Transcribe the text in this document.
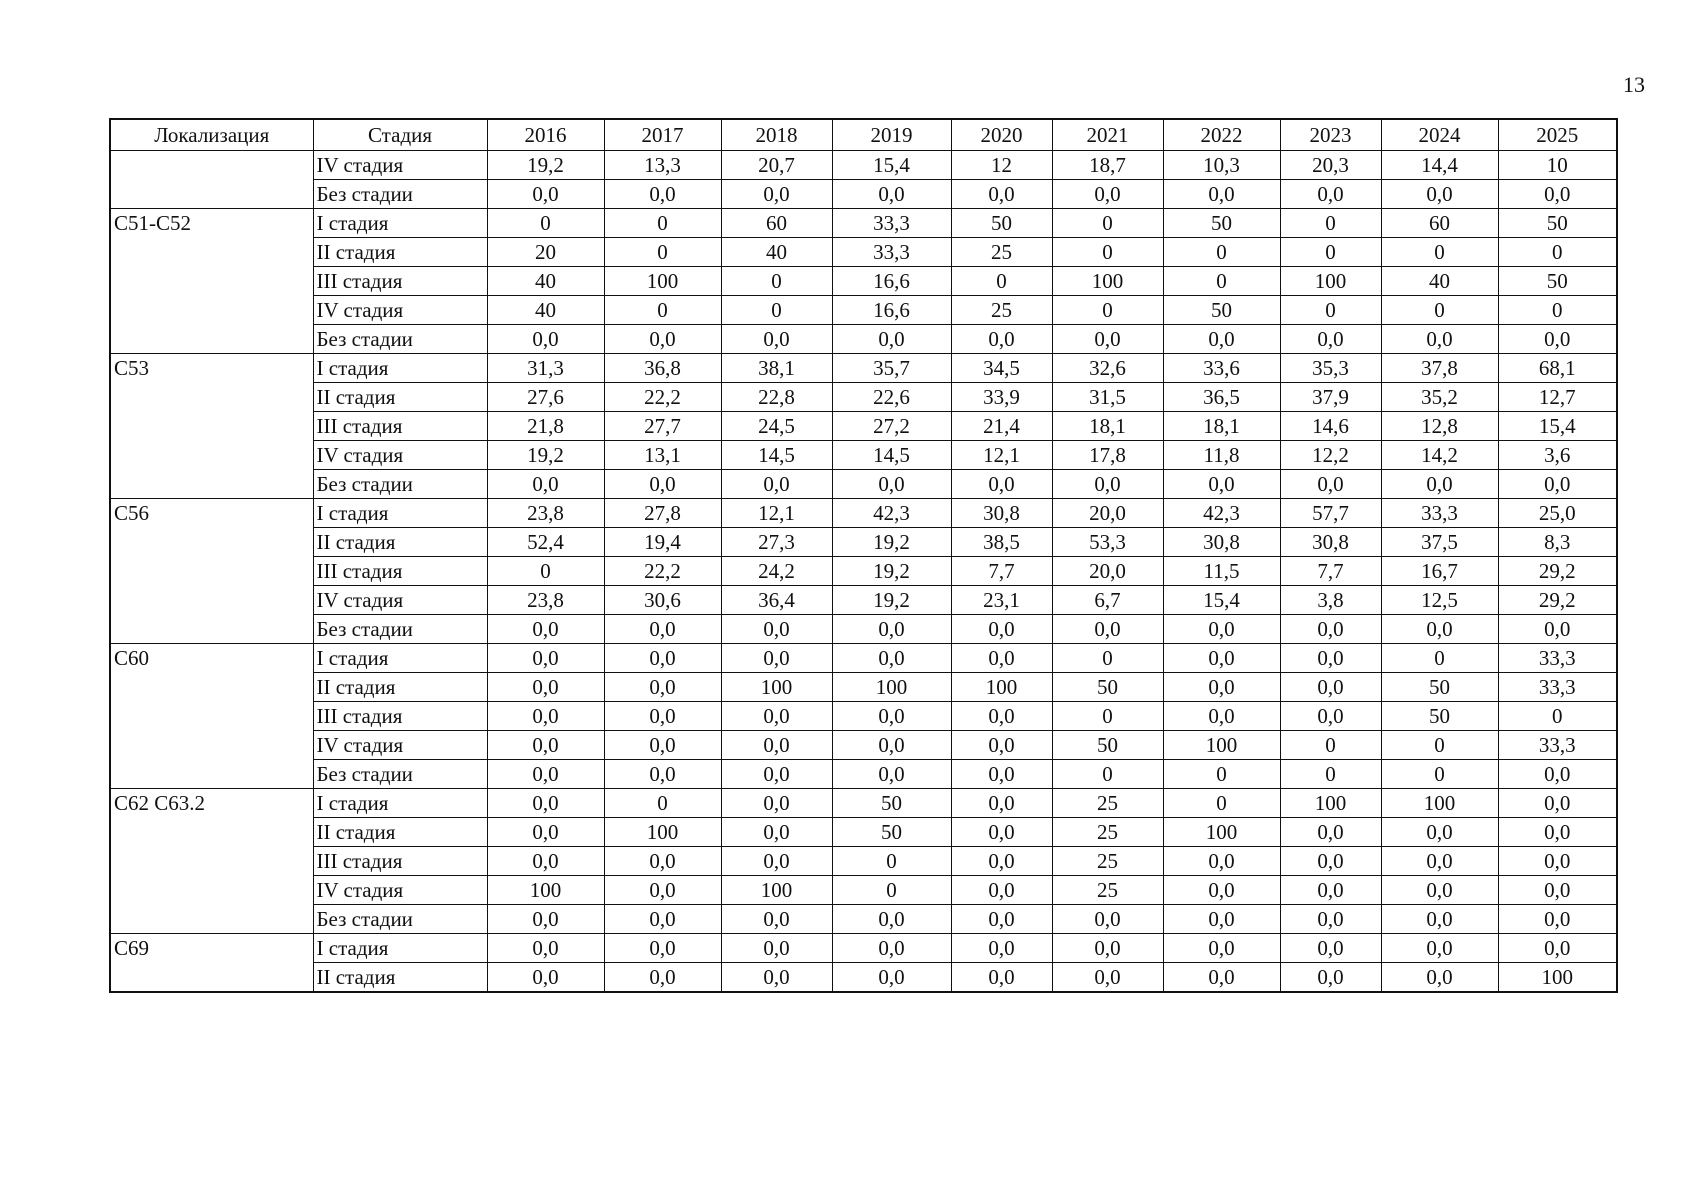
13
Локализация	Стадия	2016	2017	2018	2019	2020	2021	2022	2023	2024	2025
	IV стадия	19,2	13,3	20,7	15,4	12	18,7	10,3	20,3	14,4	10
	Без стадии	0,0	0,0	0,0	0,0	0,0	0,0	0,0	0,0	0,0	0,0
C51-C52	I стадия	0	0	60	33,3	50	0	50	0	60	50
	II стадия	20	0	40	33,3	25	0	0	0	0	0
	III стадия	40	100	0	16,6	0	100	0	100	40	50
	IV стадия	40	0	0	16,6	25	0	50	0	0	0
	Без стадии	0,0	0,0	0,0	0,0	0,0	0,0	0,0	0,0	0,0	0,0
C53	I стадия	31,3	36,8	38,1	35,7	34,5	32,6	33,6	35,3	37,8	68,1
	II стадия	27,6	22,2	22,8	22,6	33,9	31,5	36,5	37,9	35,2	12,7
	III стадия	21,8	27,7	24,5	27,2	21,4	18,1	18,1	14,6	12,8	15,4
	IV стадия	19,2	13,1	14,5	14,5	12,1	17,8	11,8	12,2	14,2	3,6
	Без стадии	0,0	0,0	0,0	0,0	0,0	0,0	0,0	0,0	0,0	0,0
C56	I стадия	23,8	27,8	12,1	42,3	30,8	20,0	42,3	57,7	33,3	25,0
	II стадия	52,4	19,4	27,3	19,2	38,5	53,3	30,8	30,8	37,5	8,3
	III стадия	0	22,2	24,2	19,2	7,7	20,0	11,5	7,7	16,7	29,2
	IV стадия	23,8	30,6	36,4	19,2	23,1	6,7	15,4	3,8	12,5	29,2
	Без стадии	0,0	0,0	0,0	0,0	0,0	0,0	0,0	0,0	0,0	0,0
C60	I стадия	0,0	0,0	0,0	0,0	0,0	0	0,0	0,0	0	33,3
	II стадия	0,0	0,0	100	100	100	50	0,0	0,0	50	33,3
	III стадия	0,0	0,0	0,0	0,0	0,0	0	0,0	0,0	50	0
	IV стадия	0,0	0,0	0,0	0,0	0,0	50	100	0	0	33,3
	Без стадии	0,0	0,0	0,0	0,0	0,0	0	0	0	0	0,0
C62 C63.2	I стадия	0,0	0	0,0	50	0,0	25	0	100	100	0,0
	II стадия	0,0	100	0,0	50	0,0	25	100	0,0	0,0	0,0
	III стадия	0,0	0,0	0,0	0	0,0	25	0,0	0,0	0,0	0,0
	IV стадия	100	0,0	100	0	0,0	25	0,0	0,0	0,0	0,0
	Без стадии	0,0	0,0	0,0	0,0	0,0	0,0	0,0	0,0	0,0	0,0
C69	I стадия	0,0	0,0	0,0	0,0	0,0	0,0	0,0	0,0	0,0	0,0
	II стадия	0,0	0,0	0,0	0,0	0,0	0,0	0,0	0,0	0,0	100
